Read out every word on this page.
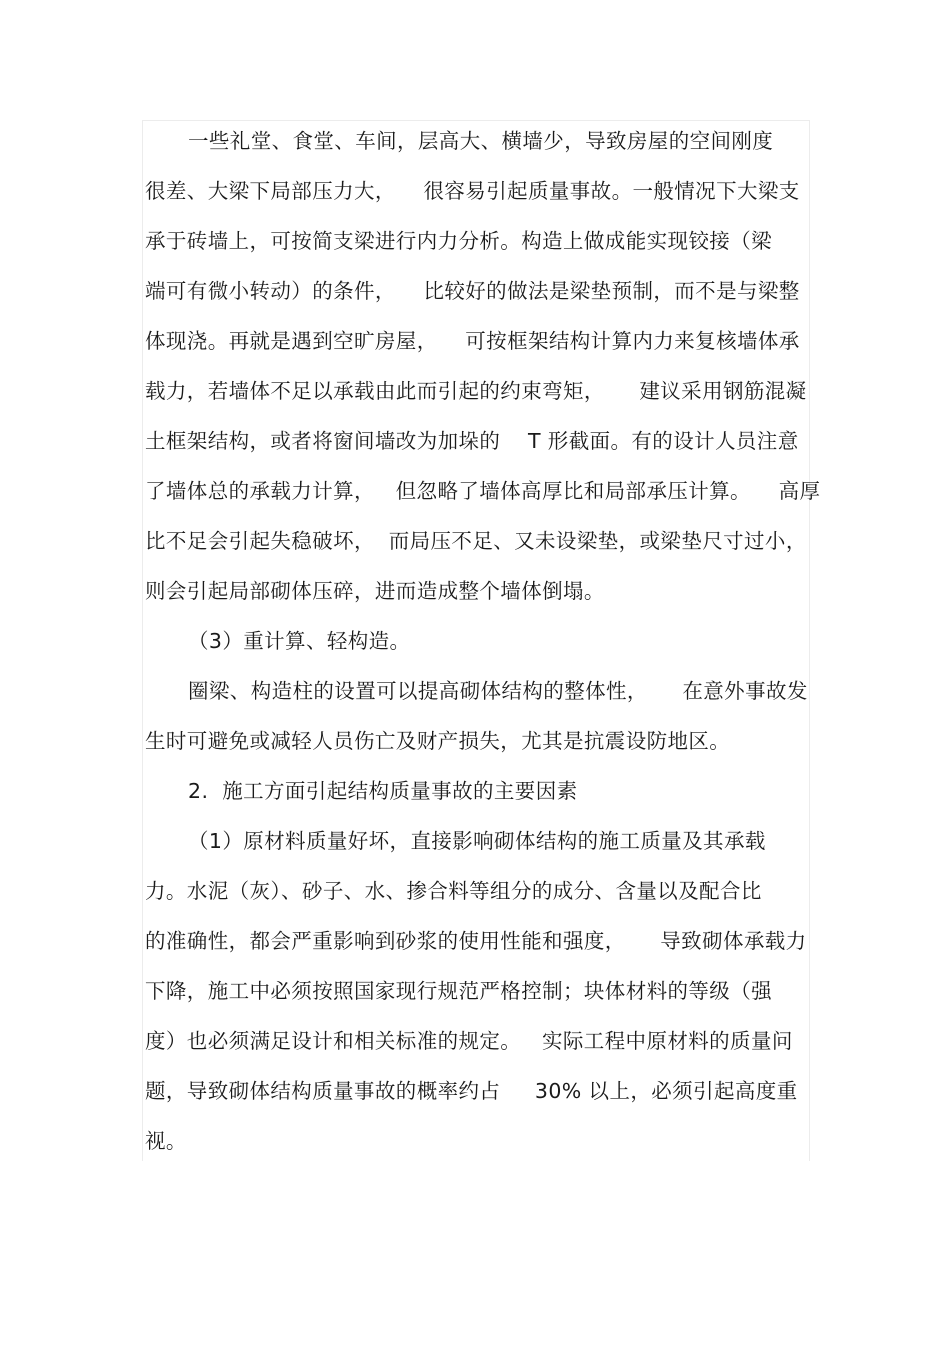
一些礼堂、食堂、车间，层高大、横墙少，导致房屋的空间刚度
很差、大梁下局部压力大，    很容易引起质量事故。一般情况下大梁支
承于砖墙上，可按简支梁进行内力分析。构造上做成能实现铰接（梁
端可有微小转动）的条件，    比较好的做法是梁垫预制，而不是与梁整
体现浇。再就是遇到空旷房屋，    可按框架结构计算内力来复核墙体承
载力，若墙体不足以承载由此而引起的约束弯矩，     建议采用钢筋混凝
土框架结构，或者将窗间墙改为加垛的    T 形截面。有的设计人员注意
了墙体总的承载力计算，   但忽略了墙体高厚比和局部承压计算。    高厚
比不足会引起失稳破坏，  而局压不足、又未设梁垫，或梁垫尺寸过小，
则会引起局部砌体压碎，进而造成整个墙体倒塌。
（3）重计算、轻构造。
圈梁、构造柱的设置可以提高砌体结构的整体性，     在意外事故发
生时可避免或减轻人员伤亡及财产损失，尤其是抗震设防地区。
2.  施工方面引起结构质量事故的主要因素
（1）原材料质量好坏，直接影响砌体结构的施工质量及其承载
力。水泥（灰）、砂子、水、掺合料等组分的成分、含量以及配合比
的准确性，都会严重影响到砂浆的使用性能和强度，     导致砌体承载力
下降，施工中必须按照国家现行规范严格控制；块体材料的等级（强
度）也必须满足设计和相关标准的规定。   实际工程中原材料的质量问
题，导致砌体结构质量事故的概率约占     30% 以上，必须引起高度重
视。
